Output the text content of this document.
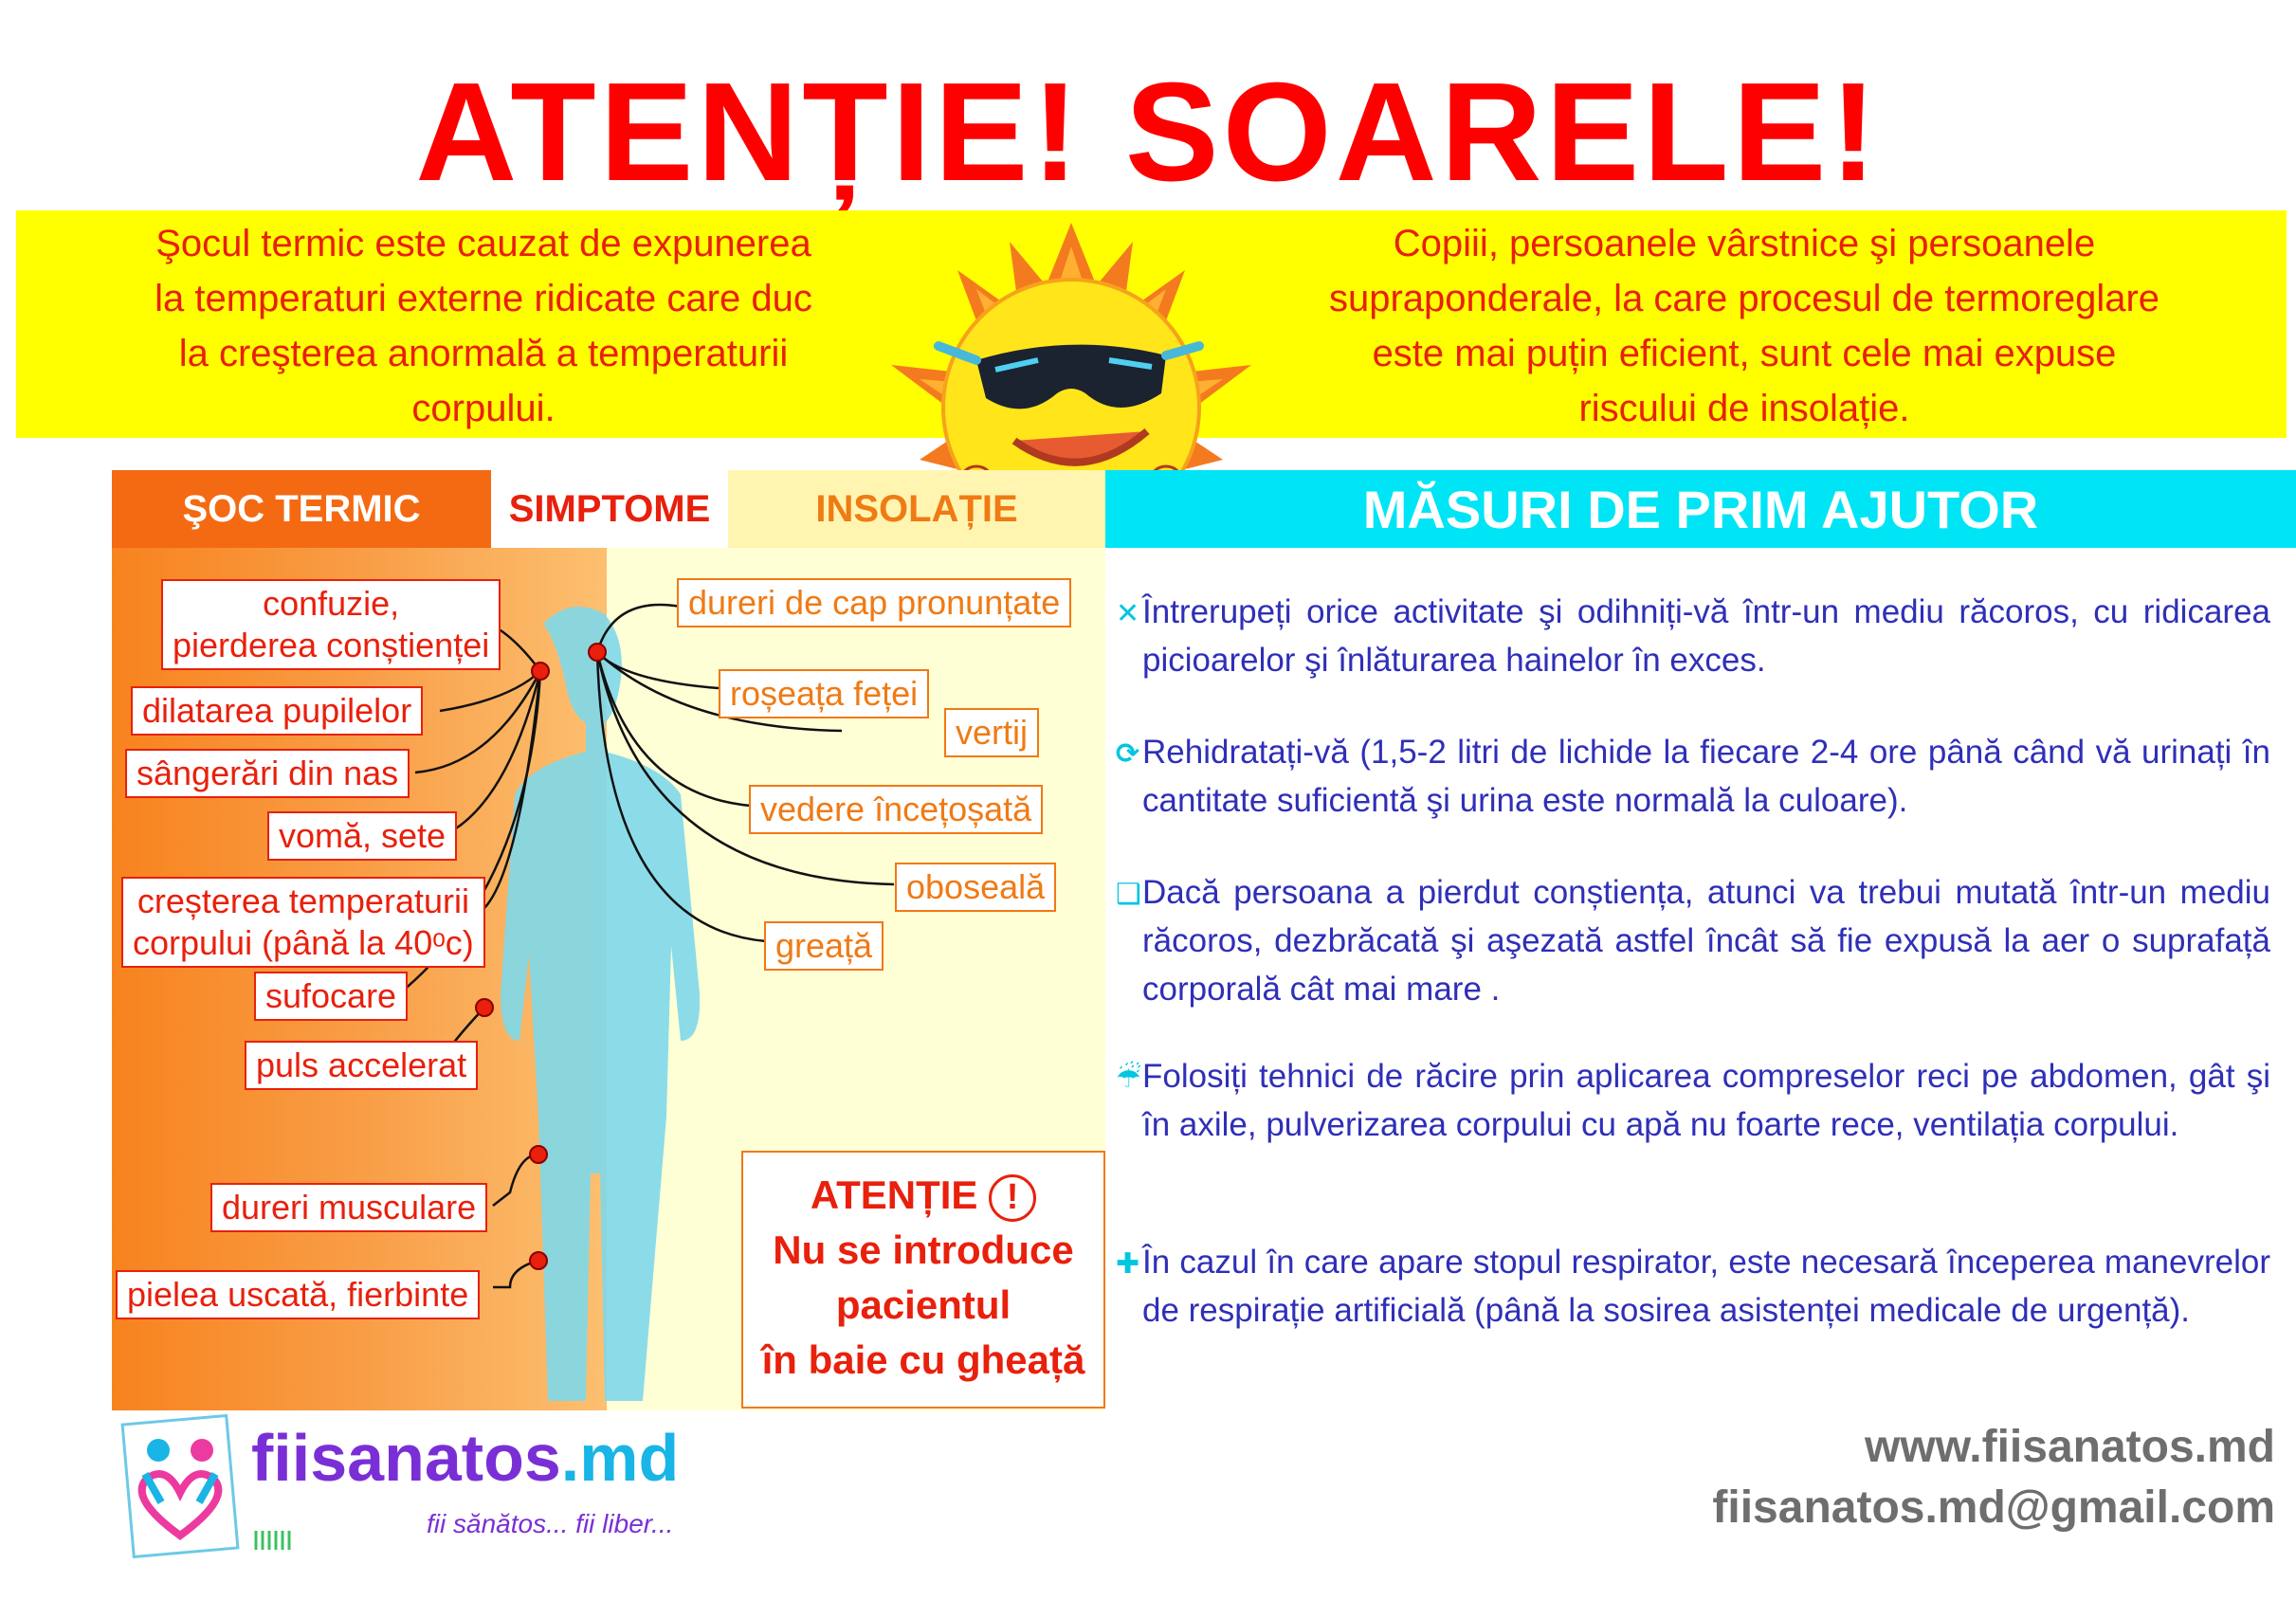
ATENȚIE! SOARELE!
Şocul termic este cauzat de expunerea
la temperaturi externe ridicate care duc
la creşterea anormală a temperaturii
corpului.
Copiii, persoanele vârstnice şi persoanele
supraponderale, la care procesul de termoreglare
este mai puțin eficient, sunt cele mai expuse
riscului de insolație.
ŞOC TERMIC SIMPTOME	INSOLAȚIE	MĂSURI DE PRIM AJUTOR
confuzie,
pierderea conștienței
dilatarea pupilelor
sângerări din nas
vomă, sete
creșterea temperaturii
corpului (până la 40ᵒc)
sufocare
puls accelerat
dureri musculare
pielea uscată, fierbinte
dureri de cap pronunțate
roșeața feței
vertij
vedere încețoșată
oboseală
greață
ATENȚIE !
Nu se introduce
pacientul
în baie cu gheață
✕ Întrerupeți orice activitate şi odihniți-vă într-un mediu răcoros, cu ridicarea picioarelor şi înlăturarea hainelor în exces.
⟳ Rehidratați-vă (1,5-2 litri de lichide la fiecare 2-4 ore până când vă urinați în cantitate suficientă şi urina este normală la culoare).
❑ Dacă persoana a pierdut conștiența, atunci va trebui mutată într-un mediu răcoros, dezbrăcată şi aşezată astfel încât să fie expusă la aer o suprafață corporală cât mai mare .
☔ Folosiți tehnici de răcire prin aplicarea compreselor reci pe abdomen, gât şi în axile, pulverizarea corpului cu apă nu foarte rece, ventilația corpului.
✚ În cazul în care apare stopul respirator, este necesară începerea manevrelor de respirație artificială (până la sosirea asistenței medicale de urgență).
fiisanatos.md
fii sănătos... fii liber...
www.fiisanatos.md
fiisanatos.md@gmail.com
